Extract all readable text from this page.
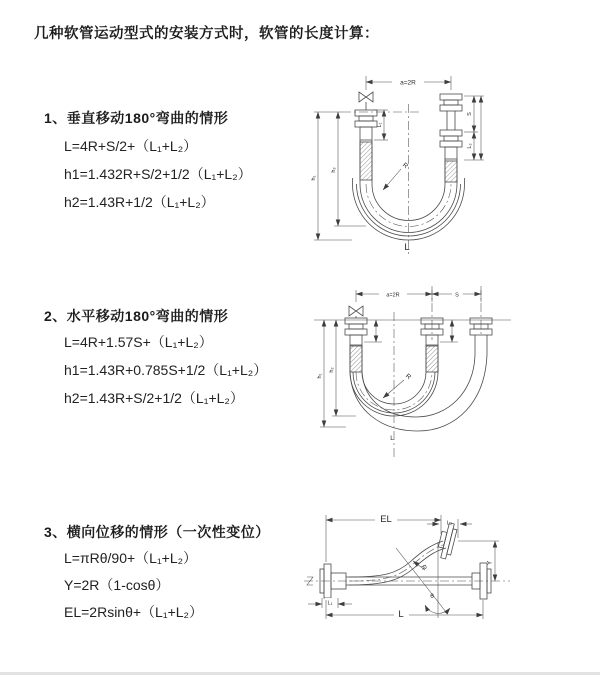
几种软管运动型式的安装方式时，软管的长度计算：
1、垂直移动180°弯曲的情形
L=4R+S/2+（L₁+L₂）
h1=1.432R+S/2+1/2（L₁+L₂）
h2=1.43R+1/2（L₁+L₂）
2、水平移动180°弯曲的情形
L=4R+1.57S+（L₁+L₂）
h1=1.43R+0.785S+1/2（L₁+L₂）
h2=1.43R+S/2+1/2（L₁+L₂）
3、横向位移的情形（一次性变位）
L=πRθ/90+（L₁+L₂）
Y=2R（1-cosθ）
EL=2Rsinθ+（L₁+L₂）
a=2R
L₁
S
L₂
h₁
h₂	R
L
a=2R	S
h₁
h₂
R
L
L₁
EL	L₂
θ
R
Y
L
